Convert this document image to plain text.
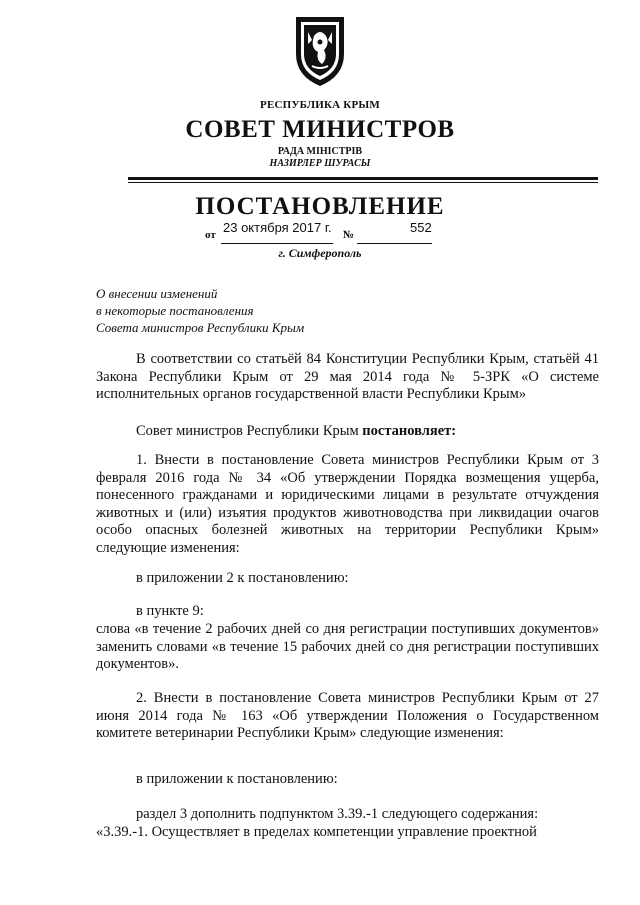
РЕСПУБЛИКА КРЫМ
СОВЕТ МИНИСТРОВ
РАДА МІНІСТРІВ
НАЗИРЛЕР ШУРАСЫ
ПОСТАНОВЛЕНИЕ
от 23 октября 2017 г. №	552
г. Симферополь
О внесении изменений
в некоторые постановления
Совета министров Республики Крым
В соответствии со статьёй 84 Конституции Республики Крым, статьёй 41 Закона Республики Крым от 29 мая 2014 года № 5-ЗРК «О системе исполнительных органов государственной власти Республики Крым»
Совет министров Республики Крым постановляет:
1. Внести в постановление Совета министров Республики Крым от 3 февраля 2016 года № 34 «Об утверждении Порядка возмещения ущерба, понесенного гражданами и юридическими лицами в результате отчуждения животных и (или) изъятия продуктов животноводства при ликвидации очагов особо опасных болезней животных на территории Республики Крым» следующие изменения:
в приложении 2 к постановлению:
в пункте 9:
слова «в течение 2 рабочих дней со дня регистрации поступивших документов» заменить словами «в течение 15 рабочих дней со дня регистрации поступивших документов».
2. Внести в постановление Совета министров Республики Крым от 27 июня 2014 года № 163 «Об утверждении Положения о Государственном комитете ветеринарии Республики Крым» следующие изменения:
в приложении к постановлению:
раздел 3 дополнить подпунктом 3.39.-1 следующего содержания:
«3.39.-1. Осуществляет в пределах компетенции управление проектной
